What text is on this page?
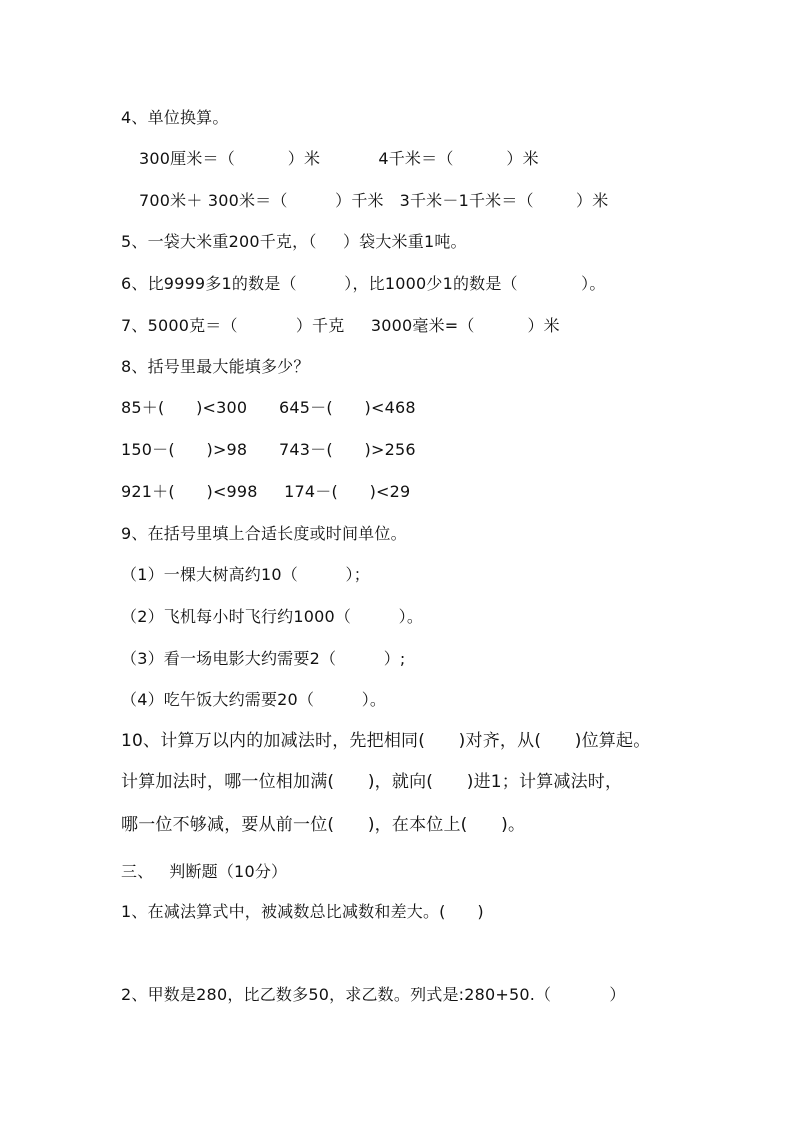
4、单位换算。
300厘米＝（          ）米           4千米＝（          ）米
700米＋ 300米＝（         ）千米   3千米－1千米＝（        ）米
5、一袋大米重200千克，（     ）袋大米重1吨。
6、比9999多1的数是（         ），比1000少1的数是（            ）。
7、5000克＝（           ）千克     3000毫米=（          ）米
8、括号里最大能填多少？
85＋(      )<300      645－(      )<468
150－(      )>98      743－(      )>256
921＋(      )<998     174－(      )<29
9、在括号里填上合适长度或时间单位。
（1）一棵大树高约10（         ）；
（2）飞机每小时飞行约1000（         ）。
（3）看一场电影大约需要2（         ）;
（4）吃午饭大约需要20（         ）。
10、计算万以内的加减法时，先把相同(      )对齐，从(      )位算起。
计算加法时，哪一位相加满(      )，就向(      )进1；计算减法时，
哪一位不够减，要从前一位(      )，在本位上(      )。
三、   判断题（10分）
1、在减法算式中，被减数总比减数和差大。(      )
2、甲数是280，比乙数多50，求乙数。列式是:280+50.（           ）
